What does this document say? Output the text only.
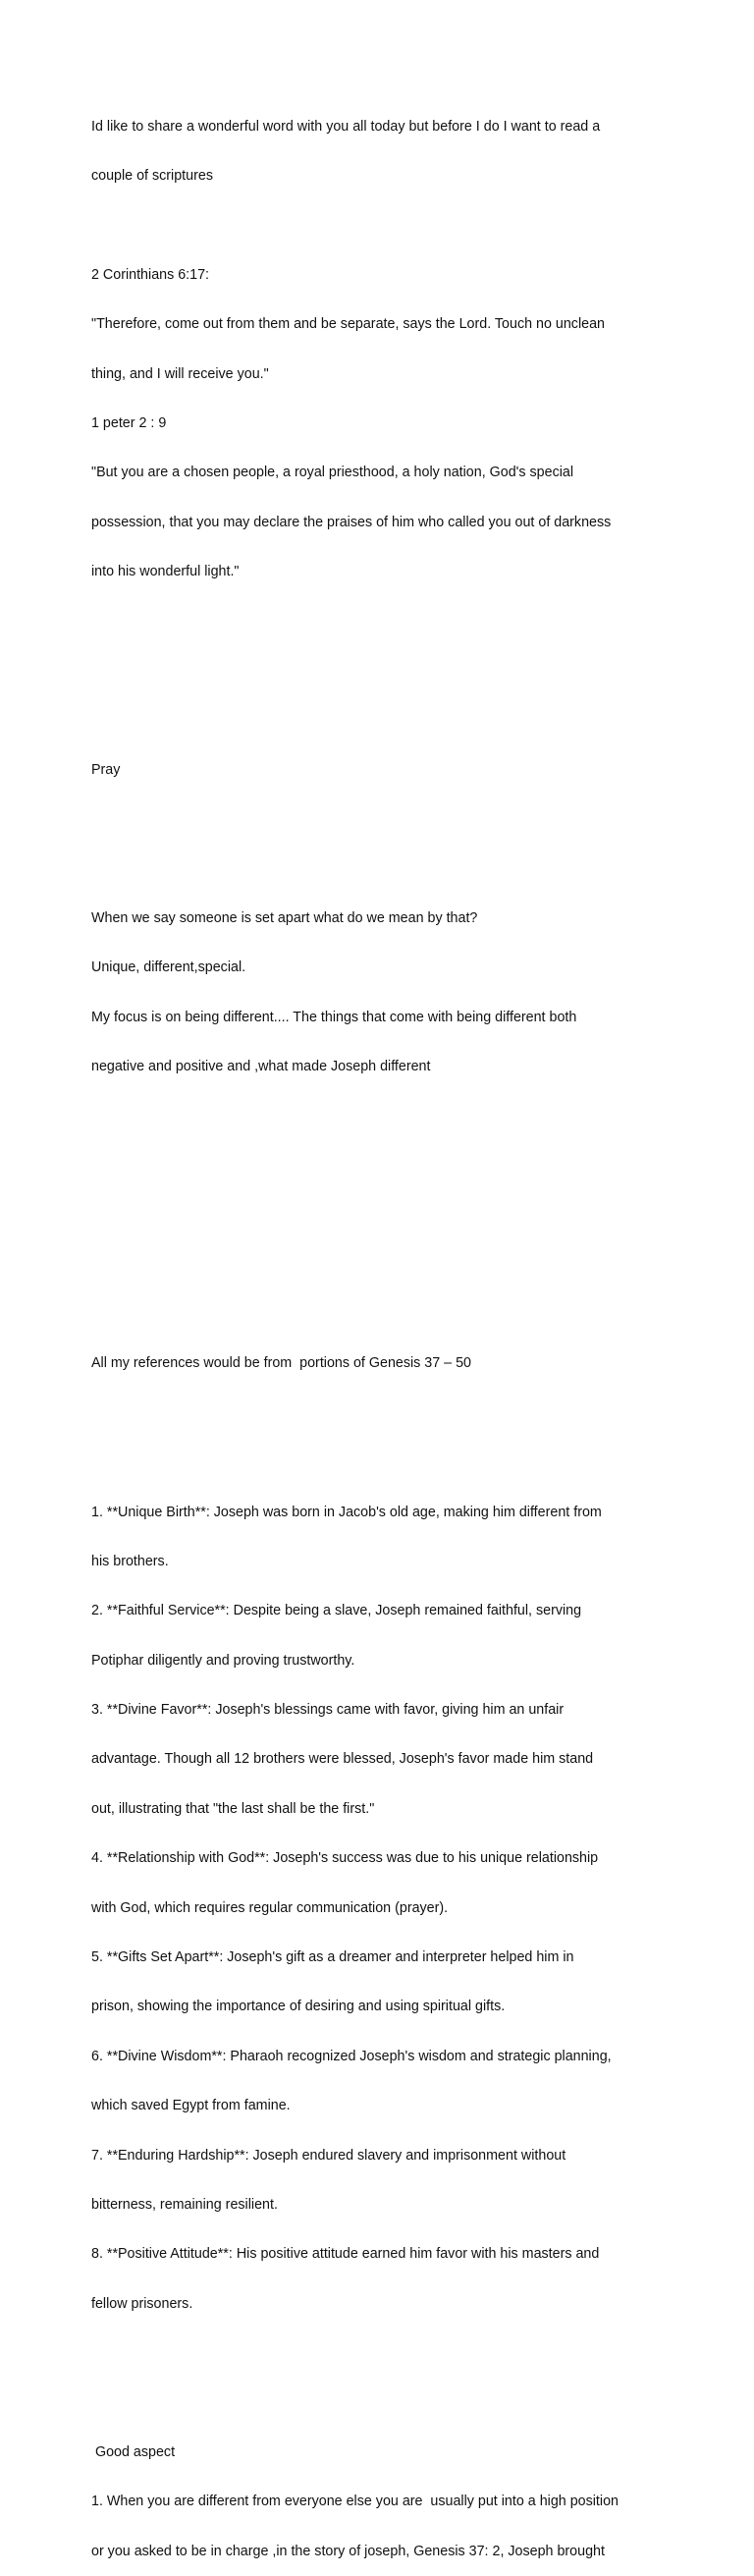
Id like to share a wonderful word with you all today but before I do I want to read a

couple of scriptures

2 Corinthians 6:17:

"Therefore, come out from them and be separate, says the Lord. Touch no unclean

thing, and I will receive you."

1 peter 2 : 9

"But you are a chosen people, a royal priesthood, a holy nation, God's special

possession, that you may declare the praises of him who called you out of darkness

into his wonderful light."

Pray

When we say someone is set apart what do we mean by that?

Unique, different,special.

My focus is on being different.... The things that come with being different both

negative and positive and ,what made Joseph different

All my references would be from  portions of Genesis 37 – 50

1. **Unique Birth**: Joseph was born in Jacob's old age, making him different from

his brothers.

2. **Faithful Service**: Despite being a slave, Joseph remained faithful, serving

Potiphar diligently and proving trustworthy.

3. **Divine Favor**: Joseph's blessings came with favor, giving him an unfair

advantage. Though all 12 brothers were blessed, Joseph's favor made him stand

out, illustrating that "the last shall be the first."

4. **Relationship with God**: Joseph's success was due to his unique relationship

with God, which requires regular communication (prayer).

5. **Gifts Set Apart**: Joseph's gift as a dreamer and interpreter helped him in

prison, showing the importance of desiring and using spiritual gifts.

6. **Divine Wisdom**: Pharaoh recognized Joseph's wisdom and strategic planning,

which saved Egypt from famine.

7. **Enduring Hardship**: Joseph endured slavery and imprisonment without

bitterness, remaining resilient.

8. **Positive Attitude**: His positive attitude earned him favor with his masters and

fellow prisoners.

Good aspect

1. When you are different from everyone else you are  usually put into a high position

or you asked to be in charge ,in the story of joseph, Genesis 37: 2, Joseph brought
